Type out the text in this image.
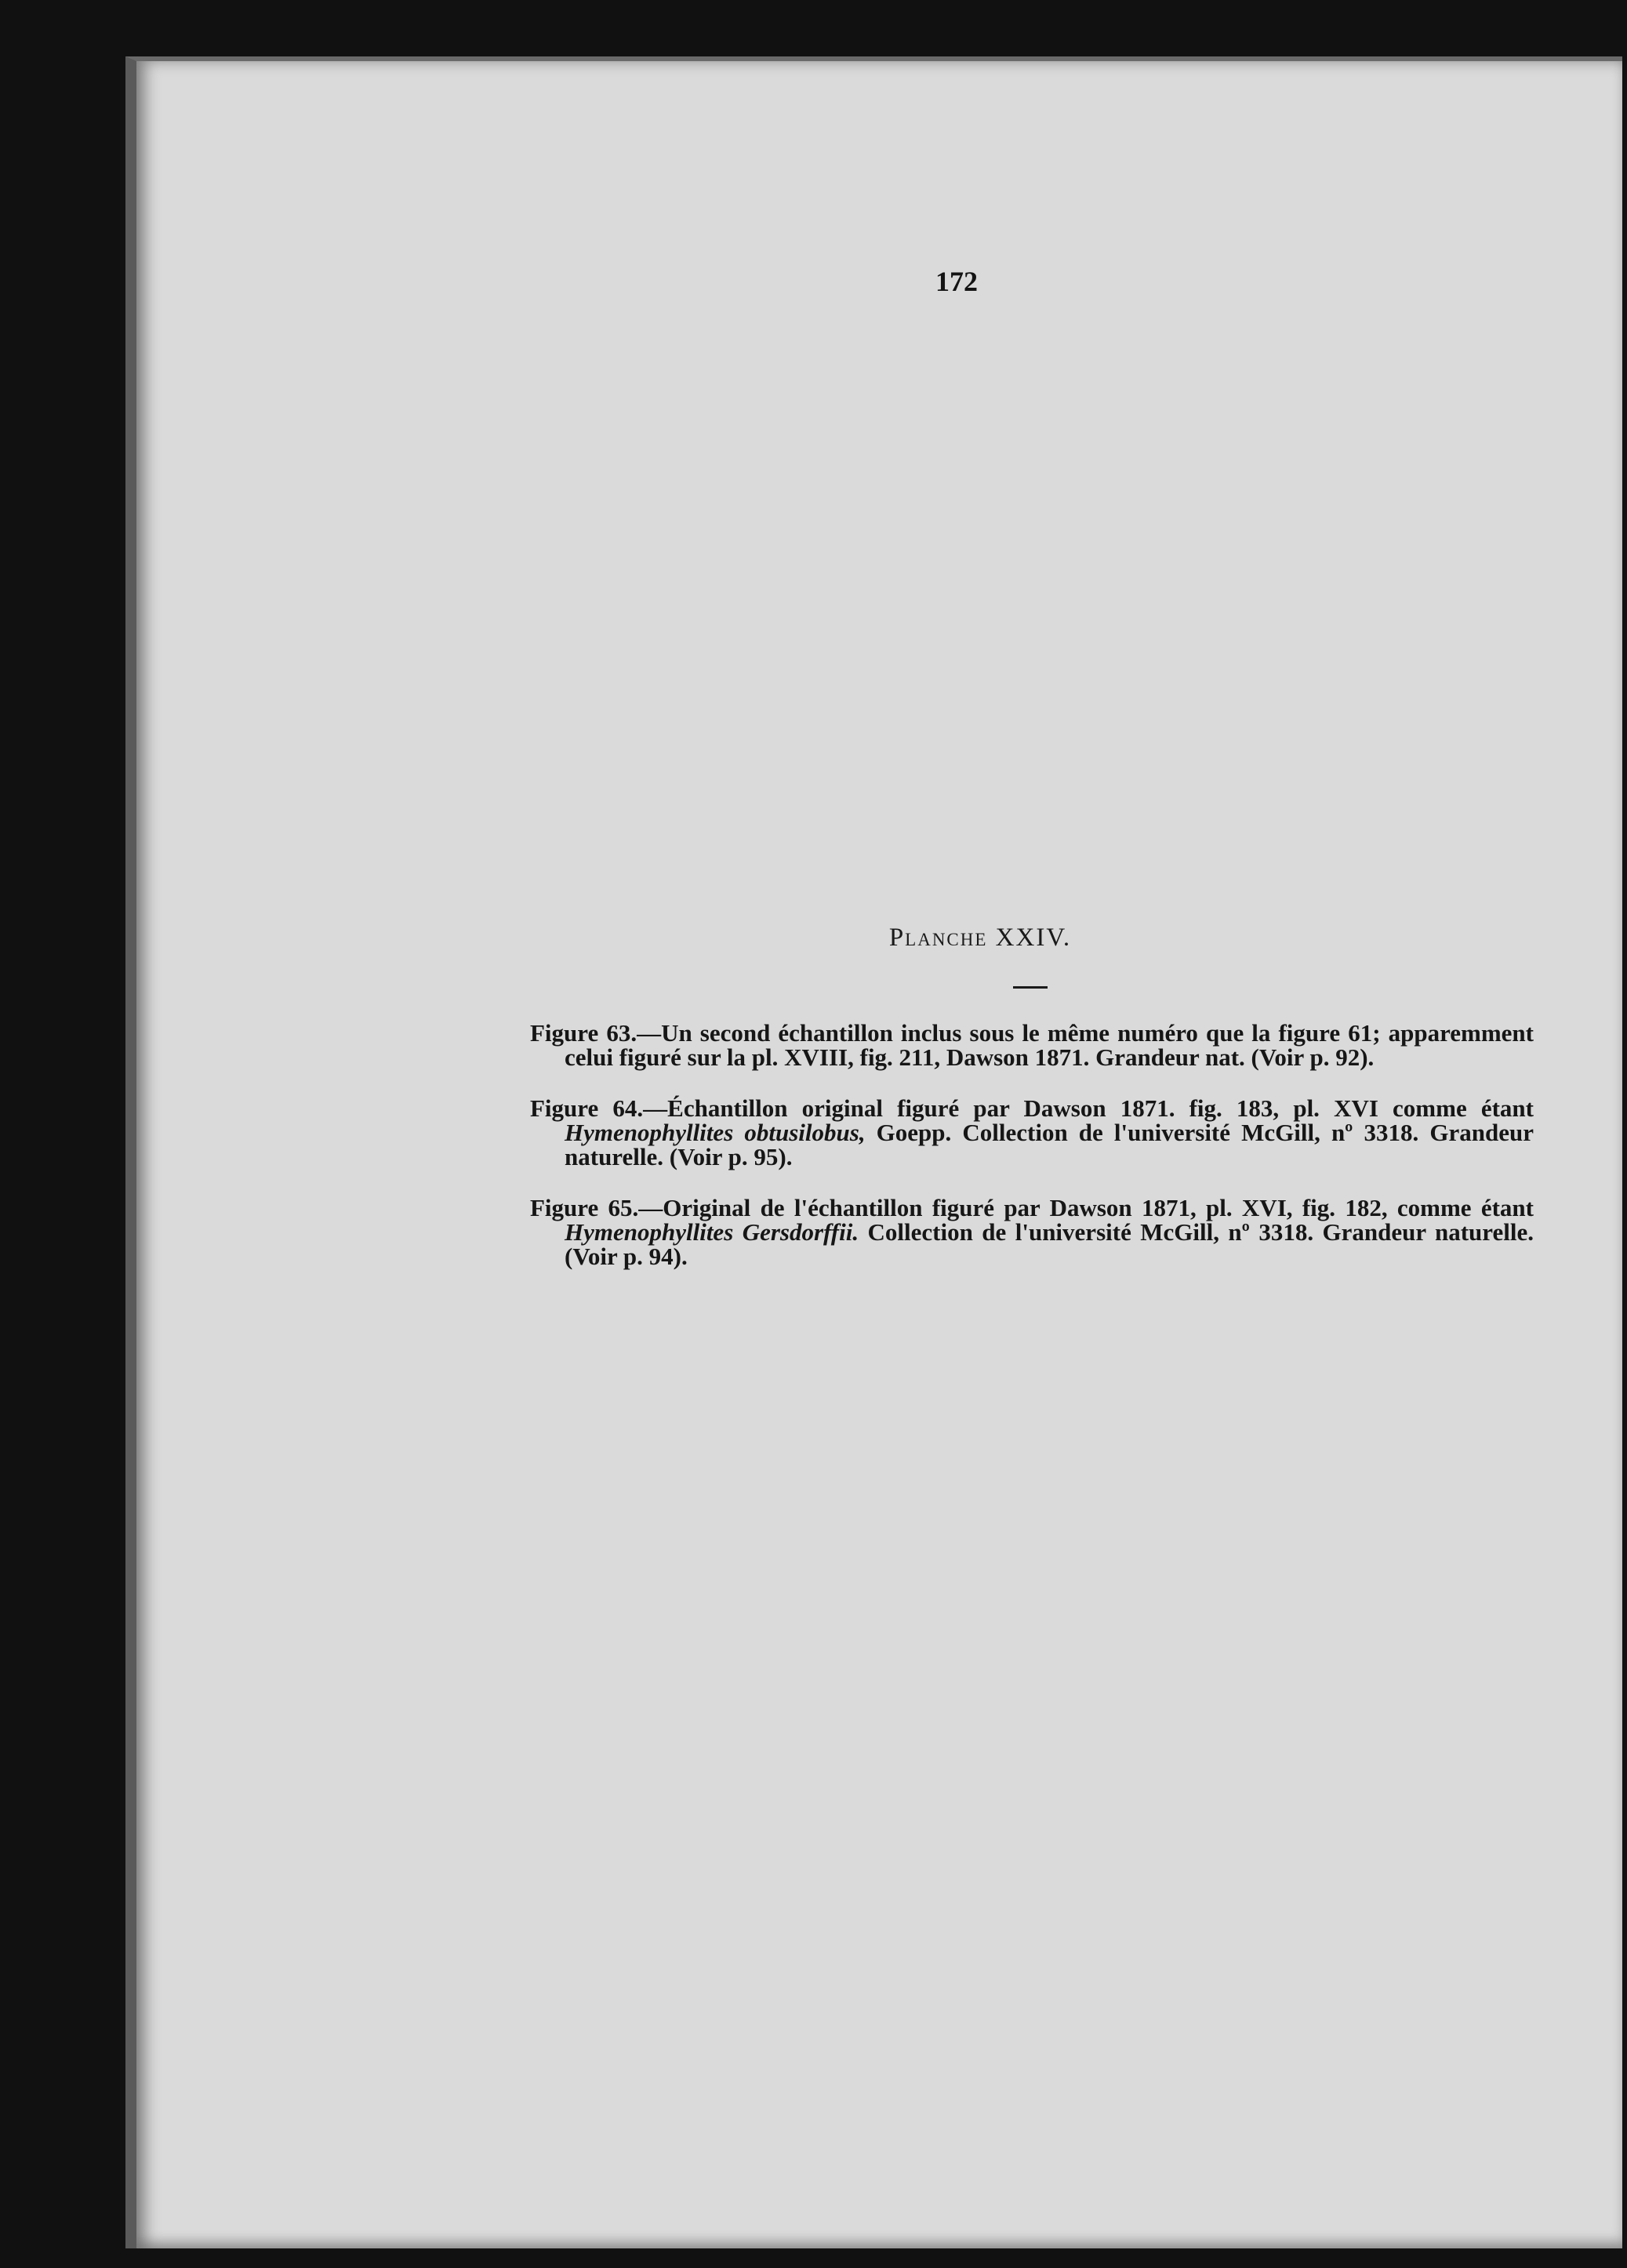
172
Planche XXIV.

Figure 63.—Un second échantillon inclus sous le même numéro que la figure 61; apparemment celui figuré sur la pl. XVIII, fig. 211, Dawson 1871. Grandeur nat. (Voir p. 92).

Figure 64.—Échantillon original figuré par Dawson 1871. fig. 183, pl. XVI comme étant Hymenophyllites obtusilobus, Goepp. Collection de l'université McGill, nº 3318. Grandeur naturelle. (Voir p. 95).

Figure 65.—Original de l'échantillon figuré par Dawson 1871, pl. XVI, fig. 182, comme étant Hymenophyllites Gersdorffii. Collection de l'université McGill, nº 3318. Grandeur naturelle. (Voir p. 94).
